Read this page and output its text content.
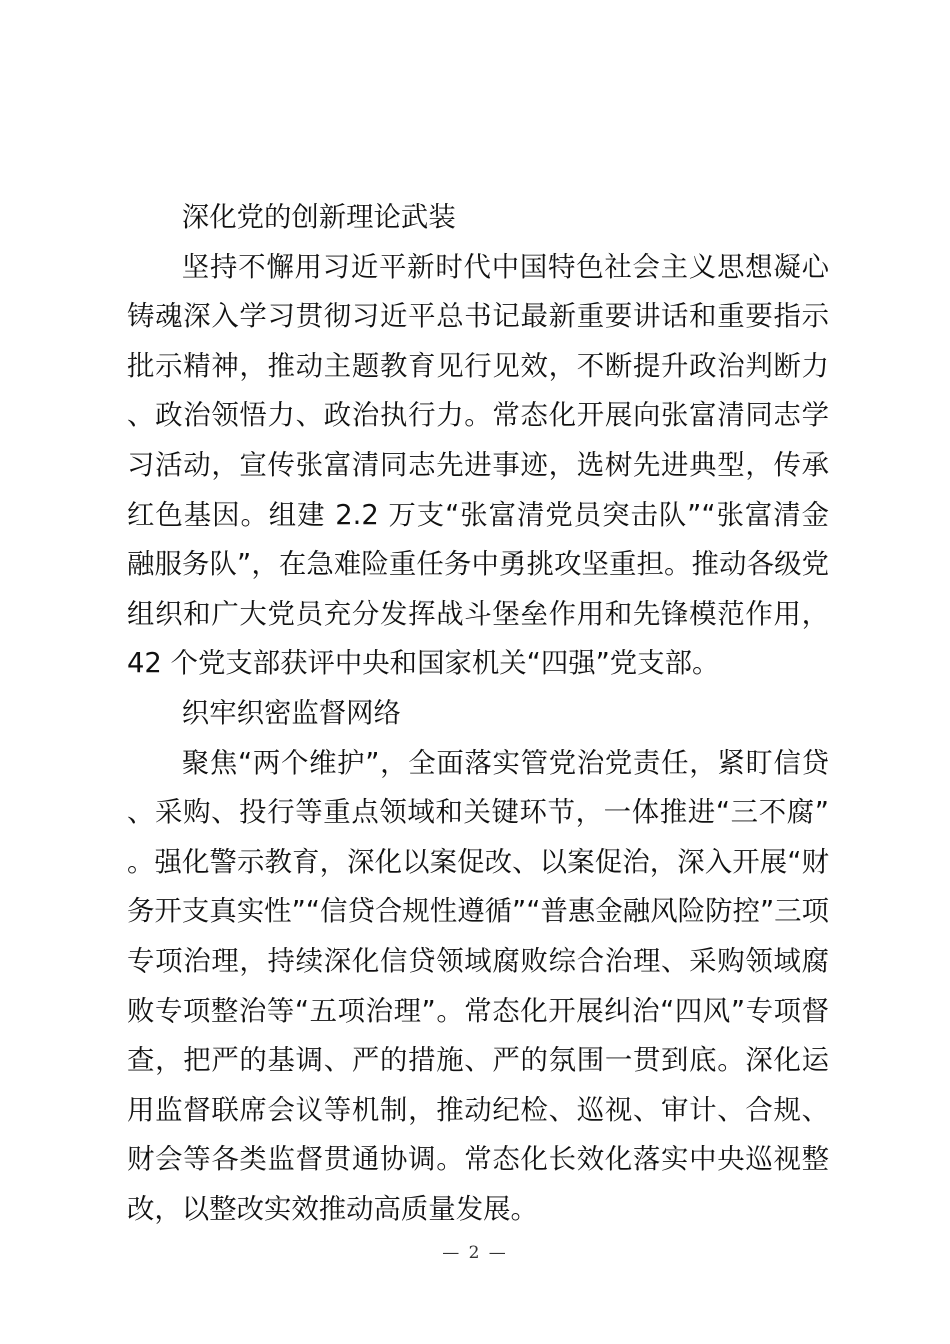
深化党的创新理论武装

坚持不懈用习近平新时代中国特色社会主义思想凝心铸魂深入学习贯彻习近平总书记最新重要讲话和重要指示批示精神，推动主题教育见行见效，不断提升政治判断力、政治领悟力、政治执行力。常态化开展向张富清同志学习活动，宣传张富清同志先进事迹，选树先进典型，传承红色基因。组建 2.2 万支“张富清党员突击队”“张富清金融服务队”，在急难险重任务中勇挑攻坚重担。推动各级党组织和广大党员充分发挥战斗堡垒作用和先锋模范作用，42 个党支部获评中央和国家机关“四强”党支部。

织牢织密监督网络

聚焦“两个维护”，全面落实管党治党责任，紧盯信贷、采购、投行等重点领域和关键环节，一体推进“三不腐”。强化警示教育，深化以案促改、以案促治，深入开展“财务开支真实性”“信贷合规性遵循”“普惠金融风险防控”三项专项治理，持续深化信贷领域腐败综合治理、采购领域腐败专项整治等“五项治理”。常态化开展纠治“四风”专项督查，把严的基调、严的措施、严的氛围一贯到底。深化运用监督联席会议等机制，推动纪检、巡视、审计、合规、财会等各类监督贯通协调。常态化长效化落实中央巡视整改，以整改实效推动高质量发展。

— 2 —
